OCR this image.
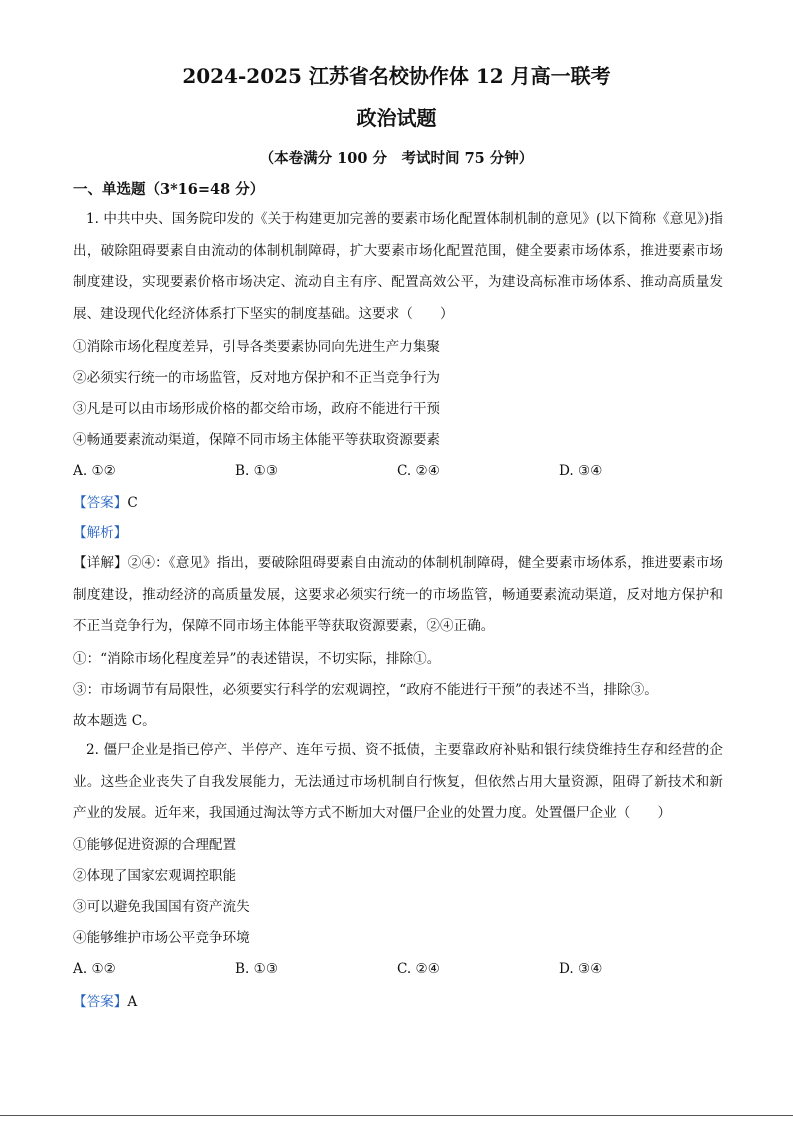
2024-2025 江苏省名校协作体 12 月高一联考
政治试题
（本卷满分 100 分　考试时间 75 分钟）
一、单选题（3*16=48 分）
1. 中共中央、国务院印发的《关于构建更加完善的要素市场化配置体制机制的意见》(以下简称《意见》)指出，破除阻碍要素自由流动的体制机制障碍，扩大要素市场化配置范围，健全要素市场体系，推进要素市场制度建设，实现要素价格市场决定、流动自主有序、配置高效公平，为建设高标准市场体系、推动高质量发展、建设现代化经济体系打下坚实的制度基础。这要求（　　）
①消除市场化程度差异，引导各类要素协同向先进生产力集聚
②必须实行统一的市场监管，反对地方保护和不正当竞争行为
③凡是可以由市场形成价格的都交给市场，政府不能进行干预
④畅通要素流动渠道，保障不同市场主体能平等获取资源要素
A. ①②	B. ①③	C. ②④	D. ③④
【答案】C
【解析】
【详解】②④：《意见》指出，要破除阻碍要素自由流动的体制机制障碍，健全要素市场体系，推进要素市场制度建设，推动经济的高质量发展，这要求必须实行统一的市场监管，畅通要素流动渠道，反对地方保护和不正当竞争行为，保障不同市场主体能平等获取资源要素，②④正确。
①：“消除市场化程度差异”的表述错误，不切实际，排除①。
③：市场调节有局限性，必须要实行科学的宏观调控，“政府不能进行干预”的表述不当，排除③。
故本题选 C。
2. 僵尸企业是指已停产、半停产、连年亏损、资不抵债，主要靠政府补贴和银行续贷维持生存和经营的企业。这些企业丧失了自我发展能力，无法通过市场机制自行恢复，但依然占用大量资源，阻碍了新技术和新产业的发展。近年来，我国通过淘汰等方式不断加大对僵尸企业的处置力度。处置僵尸企业（　　）
①能够促进资源的合理配置
②体现了国家宏观调控职能
③可以避免我国国有资产流失
④能够维护市场公平竞争环境
A. ①②	B. ①③	C. ②④	D. ③④
【答案】A
